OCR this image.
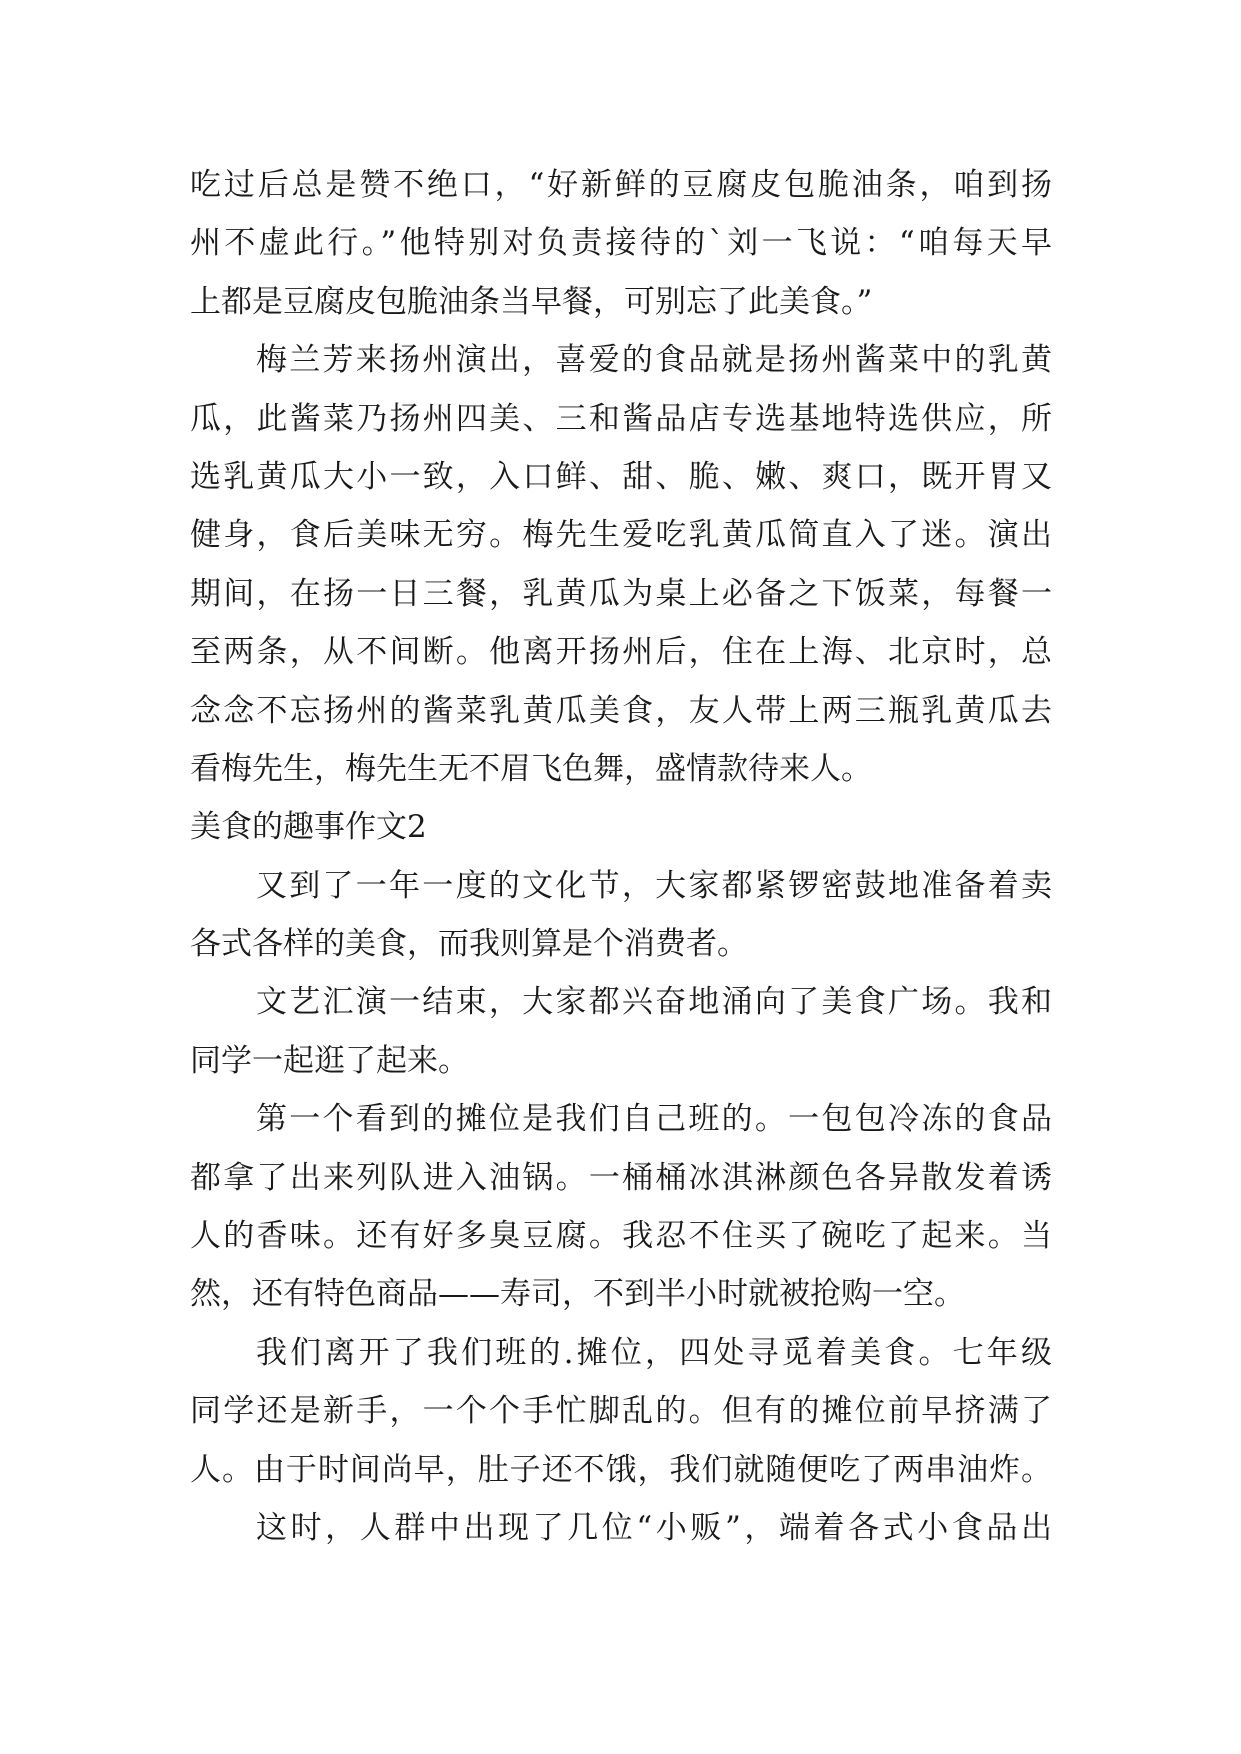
吃过后总是赞不绝口，“好新鲜的豆腐皮包脆油条，咱到扬
州不虚此行。”他特别对负责接待的`刘一飞说：“咱每天早
上都是豆腐皮包脆油条当早餐，可别忘了此美食。”
梅兰芳来扬州演出，喜爱的食品就是扬州酱菜中的乳黄
瓜，此酱菜乃扬州四美、三和酱品店专选基地特选供应，所
选乳黄瓜大小一致，入口鲜、甜、脆、嫩、爽口，既开胃又
健身，食后美味无穷。梅先生爱吃乳黄瓜简直入了迷。演出
期间，在扬一日三餐，乳黄瓜为桌上必备之下饭菜，每餐一
至两条，从不间断。他离开扬州后，住在上海、北京时，总
念念不忘扬州的酱菜乳黄瓜美食，友人带上两三瓶乳黄瓜去
看梅先生，梅先生无不眉飞色舞，盛情款待来人。
美食的趣事作文2
又到了一年一度的文化节，大家都紧锣密鼓地准备着卖
各式各样的美食，而我则算是个消费者。
文艺汇演一结束，大家都兴奋地涌向了美食广场。我和
同学一起逛了起来。
第一个看到的摊位是我们自己班的。一包包冷冻的食品
都拿了出来列队进入油锅。一桶桶冰淇淋颜色各异散发着诱
人的香味。还有好多臭豆腐。我忍不住买了碗吃了起来。当
然，还有特色商品——寿司，不到半小时就被抢购一空。
我们离开了我们班的.摊位，四处寻觅着美食。七年级
同学还是新手，一个个手忙脚乱的。但有的摊位前早挤满了
人。由于时间尚早，肚子还不饿，我们就随便吃了两串油炸。
这时，人群中出现了几位“小贩”，端着各式小食品出
